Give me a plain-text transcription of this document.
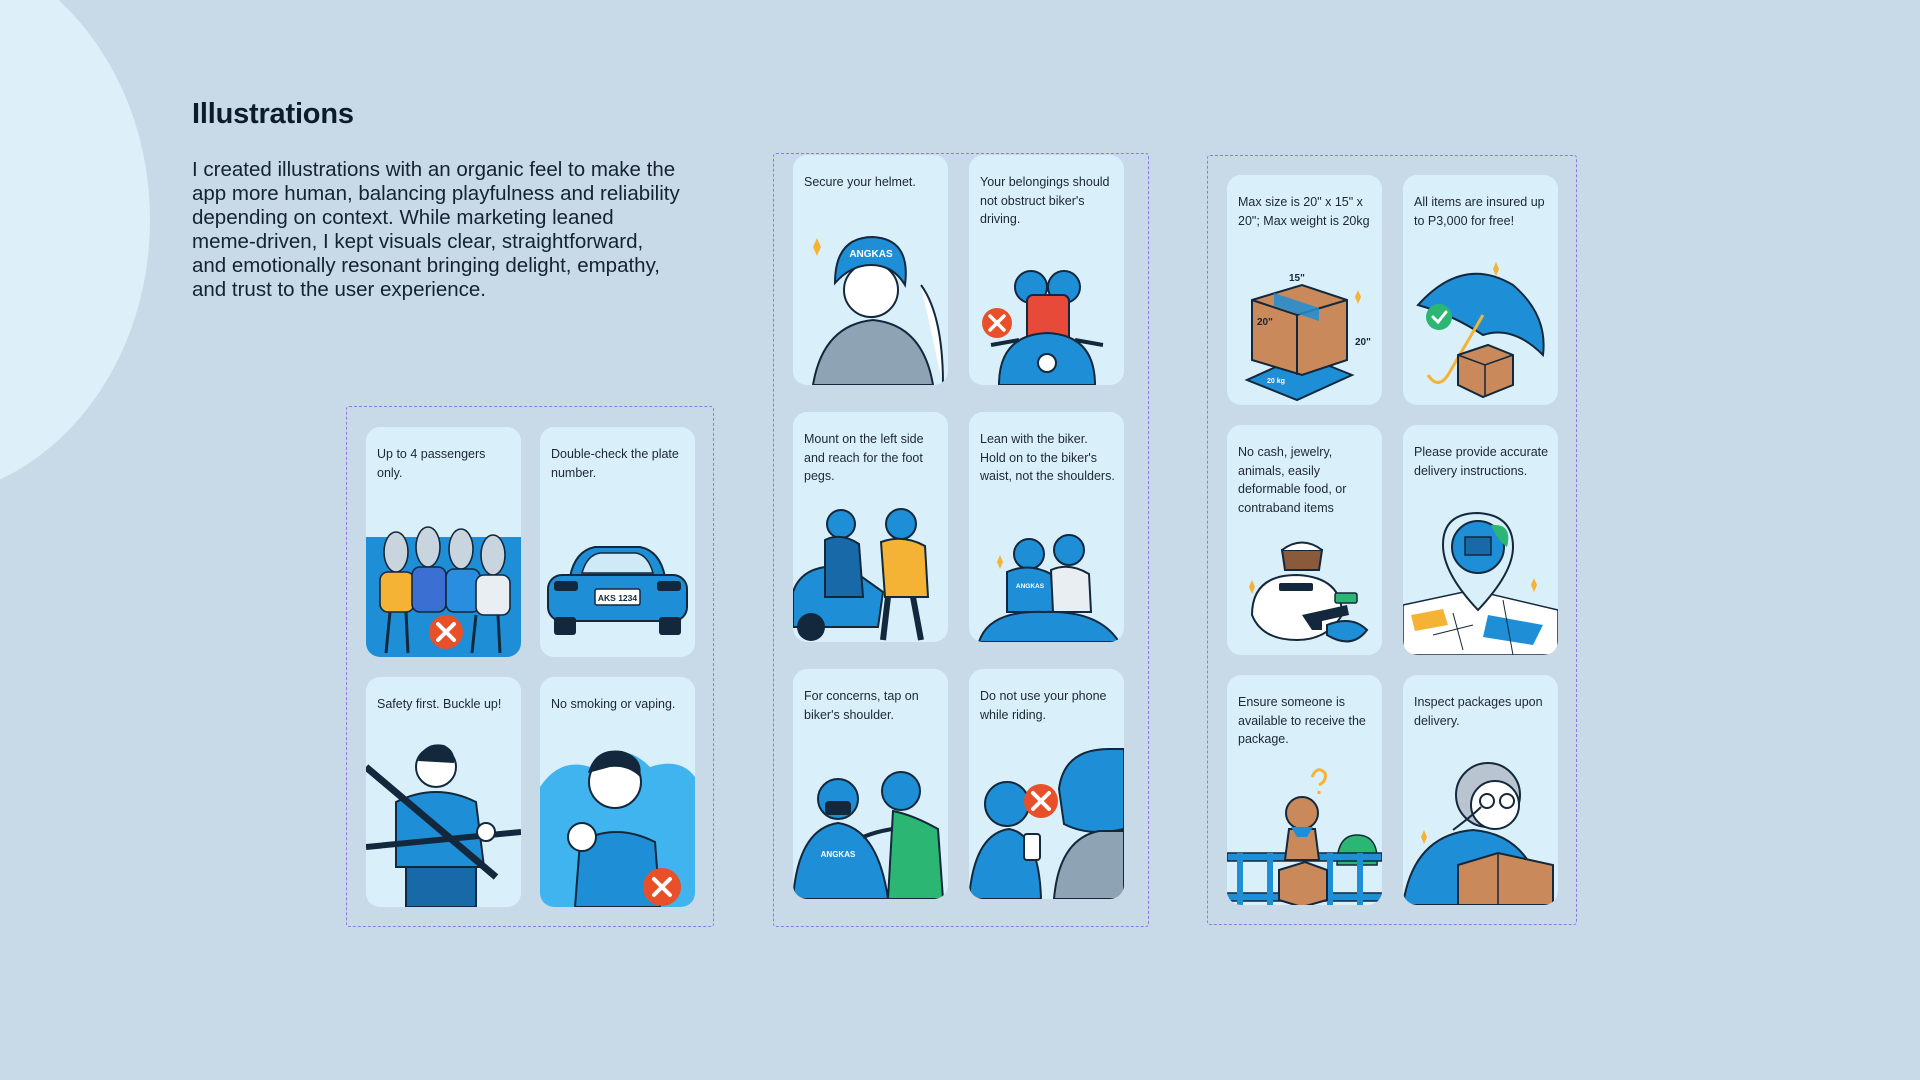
Illustrations

I created illustrations with an organic feel to make the app more human, balancing playfulness and reliability depending on context. While marketing leaned meme-driven, I kept visuals clear, straightforward, and emotionally resonant bringing delight, empathy, and trust to the user experience.

Up to 4 passengers only.
Double-check the plate number.
AKS 1234
Safety first. Buckle up!	No smoking or vaping.
Secure your helmet.
ANGKAS
Your belongings should not obstruct biker's driving.
Mount on the left side and reach for the foot pegs.
Lean with the biker. Hold on to the biker's waist, not the shoulders.
ANGKAS
For concerns, tap on biker's shoulder.
ANGKAS
Do not use your phone while riding.
Max size is 20" x 15" x 20"; Max weight is 20kg
20 kg
15"
20"
20"
All items are insured up to P3,000 for free!
No cash, jewelry, animals, easily deformable food, or contraband items
Please provide accurate delivery instructions.
Ensure someone is available to receive the package.
Inspect packages upon delivery.
